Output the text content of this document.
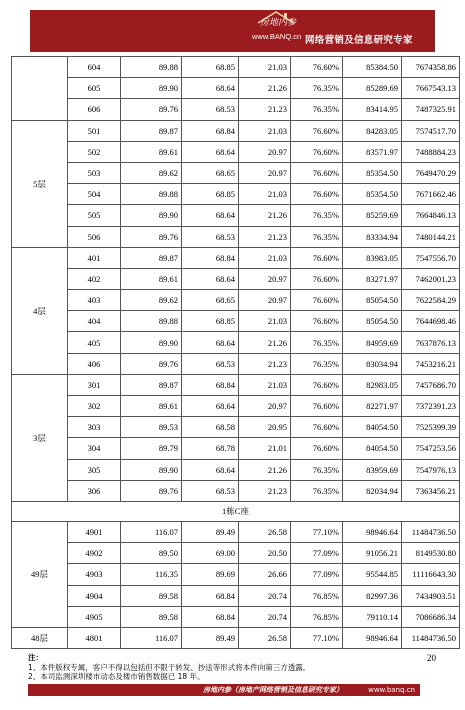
房地内参
www.BANQ.cn 网络营销及信息研究专家
	604	89.88	68.85	21.03	76.60%	85384.50	7674358.86
	605	89.90	68.64	21.26	76.35%	85289.69	7667543.13
	606	89.76	68.53	21.23	76.35%	83414.95	7487325.91
5层	501	89.87	68.84	21.03	76.60%	84283.05	7574517.70
	502	89.61	68.64	20.97	76.60%	83571.97	7488884.23
	503	89.62	68.65	20.97	76.60%	85354.50	7649470.29
	504	89.88	68.85	21.03	76.60%	85354.50	7671662.46
	505	89.90	68.64	21.26	76.35%	85259.69	7664846.13
	506	89.76	68.53	21.23	76.35%	83334.94	7480144.21
4层	401	89.87	68.84	21.03	76.60%	83983.05	7547556.70
	402	89.61	68.64	20.97	76.60%	83271.97	7462001.23
	403	89.62	68.65	20.97	76.60%	85054.50	7622584.29
	404	89.88	68.85	21.03	76.60%	85054.50	7644698.46
	405	89.90	68.64	21.26	76.35%	84959.69	7637876.13
	406	89.76	68.53	21.23	76.35%	83034.94	7453216.21
3层	301	89.87	68.84	21.03	76.60%	82983.05	7457686.70
	302	89.61	68.64	20.97	76.60%	82271.97	7372391.23
	303	89.53	68.58	20.95	76.60%	84054.50	7525399.39
	304	89.79	68.78	21.01	76.60%	84054.50	7547253.56
	305	89.90	68.64	21.26	76.35%	83959.69	7547976.13
	306	89.76	68.53	21.23	76.35%	82034.94	7363456.21
1栋C座							
49层	4901	116.07	89.49	26.58	77.10%	98946.64	11484736.50
	4902	89.50	69.00	20.50	77.09%	91056.21	8149530.80
	4903	116.35	89.69	26.66	77.09%	95544.85	11116643.30
	4904	89.58	68.84	20.74	76.85%	82997.36	7434903.51
	4905	89.58	68.84	20.74	76.85%	79110.14	7086686.34
48层	4801	116.07	89.49	26.58	77.10%	98946.64	11484736.50
注：
1、本件版权专属，客户不得以包括但不限于转发、抄送等形式将本件向第三方透露。
2、本司监测深圳楼市动态及楼市销售数据已 18 年。
20
房地内参（房地产网络营销及信息研究专家）	www.banq.cn
